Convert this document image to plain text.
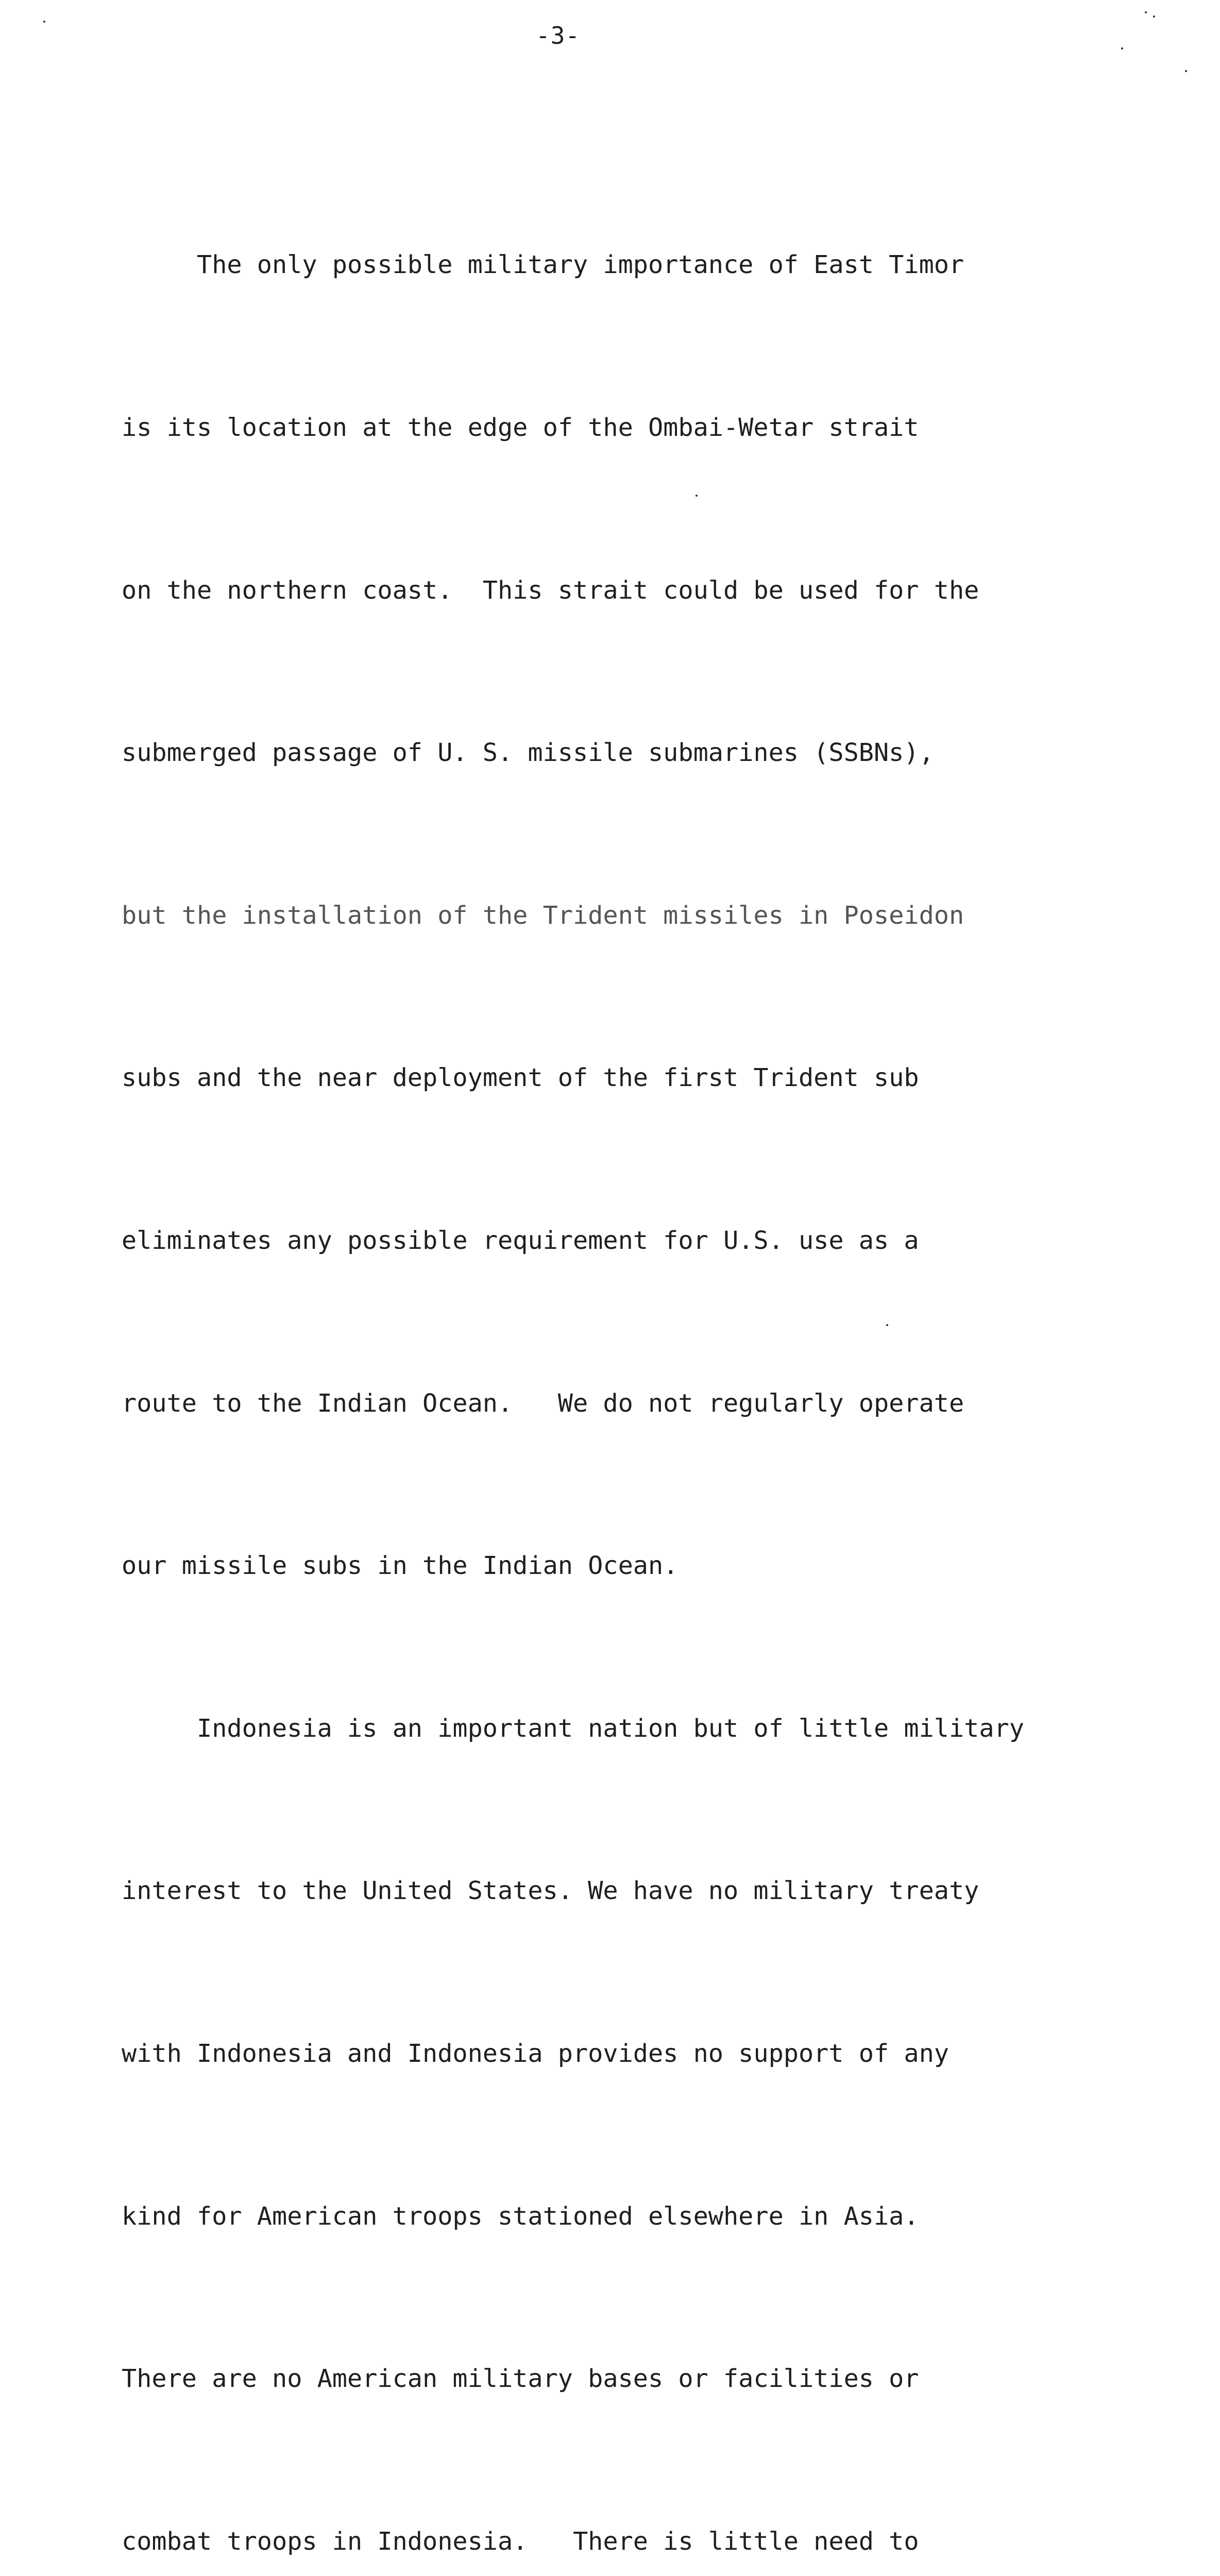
-3-

The only possible military importance of East Timor

is its location at the edge of the Ombai-Wetar strait

on the northern coast.  This strait could be used for the

submerged passage of U. S. missile submarines (SSBNs),

but the installation of the Trident missiles in Poseidon

subs and the near deployment of the first Trident sub

eliminates any possible requirement for U.S. use as a

route to the Indian Ocean.   We do not regularly operate

our missile subs in the Indian Ocean.

Indonesia is an important nation but of little military

interest to the United States. We have no military treaty

with Indonesia and Indonesia provides no support of any

kind for American troops stationed elsewhere in Asia.

There are no American military bases or facilities or

combat troops in Indonesia.   There is little need to
